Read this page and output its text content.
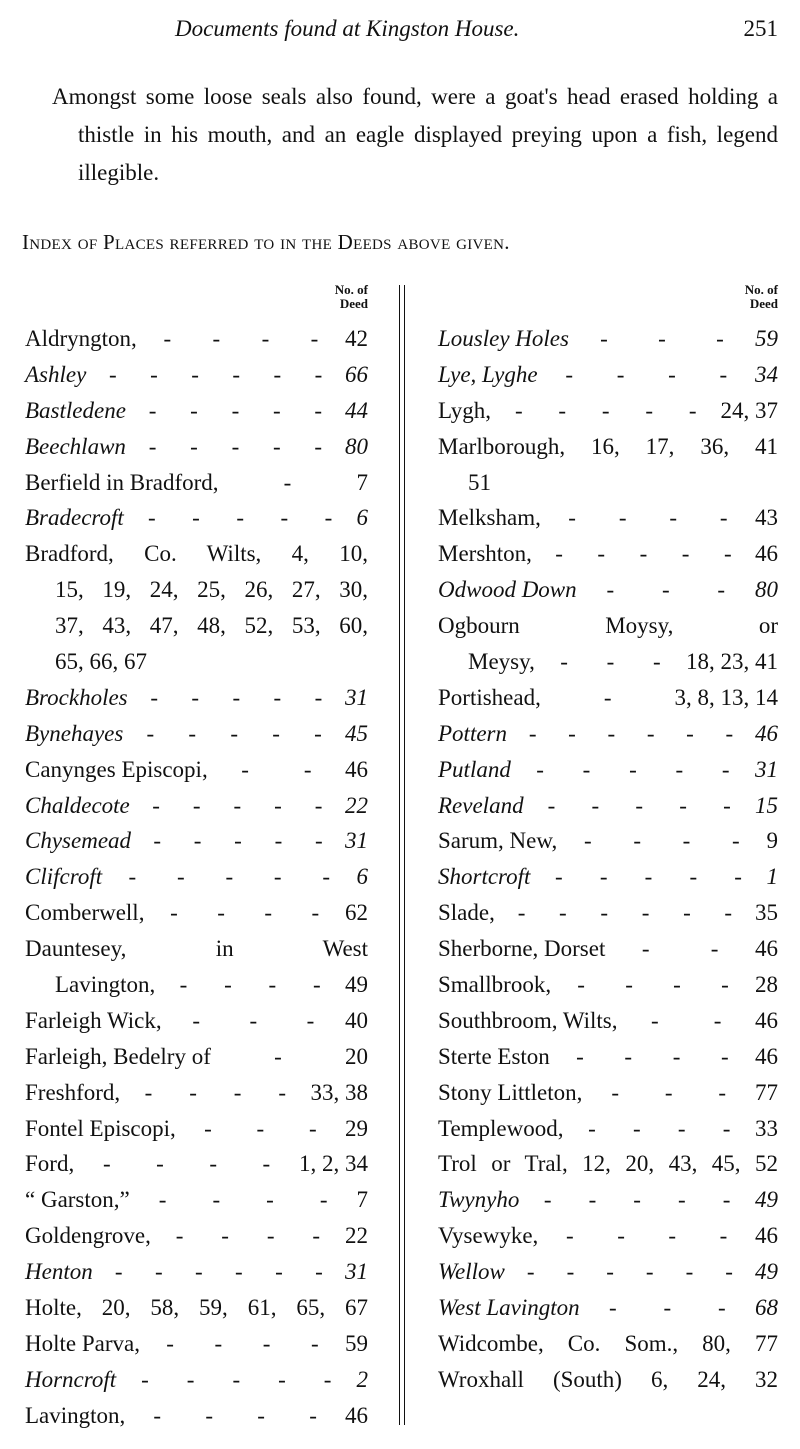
Documents found at Kingston House.	251
Amongst some loose seals also found, were a goat's head erased holding a thistle in his mouth, and an eagle displayed preying upon a fish, legend illegible.
Index of Places referred to in the Deeds above given.
No. of Deed
Aldryngton, - - - - 42
Ashley - - - - - - 66
Bastledene - - - - - 44
Beechlawn - - - - - 80
Berfield in Bradford,	-	7
Bradecroft - - - - - 6
Bradford, Co. Wilts, 4, 10,
15, 19, 24, 25, 26, 27, 30,
37, 43, 47, 48, 52, 53, 60,
65, 66, 67
Brockholes - - - - - 31
Bynehayes - - - - - 45
Canynges Episcopi, - - 46
Chaldecote - - - - - 22
Chysemead - - - - - 31
Clifcroft - - - - - 6
Comberwell, - - - - 62
Dauntesey, in West
Lavington, - - - - 49
Farleigh Wick, - - - 40
Farleigh, Bedelry of	-	20
Freshford, - - - - 33, 38
Fontel Episcopi, - - - 29
Ford, - - - - 1, 2, 34
“ Garston,” - - - - 7
Goldengrove, - - - - 22
Henton - - - - - - 31
Holte, 20, 58, 59, 61, 65, 67
Holte Parva, - - - - 59
Horncroft - - - - - 2
Lavington, - - - - 46
No. of Deed
Lousley Holes - - - 59
Lye, Lyghe - - - - 34
Lygh, - - - - - 24, 37
Marlborough, 16, 17, 36, 41
51
Melksham, - - - - 43
Mershton, - - - - - 46
Odwood Down - - - 80
Ogbourn Moysy, or
Meysy, - - - 18, 23, 41
Portishead,	-	3, 8, 13, 14
Pottern - - - - - - 46
Putland - - - - - 31
Reveland - - - - - 15
Sarum, New, - - - - 9
Shortcroft - - - - - 1
Slade, - - - - - - 35
Sherborne, Dorset -	- 46
Smallbrook, - - - - 28
Southbroom, Wilts, - - 46
Sterte Eston - - - - 46
Stony Littleton, - - - 77
Templewood, - - - - 33
Trol or Tral, 12, 20, 43, 45, 52
Twynyho - - - - - 49
Vysewyke, - - - - 46
Wellow - - - - - - 49
West Lavington - - - 68
Widcombe, Co. Som., 80, 77
Wroxhall (South) 6, 24, 32
